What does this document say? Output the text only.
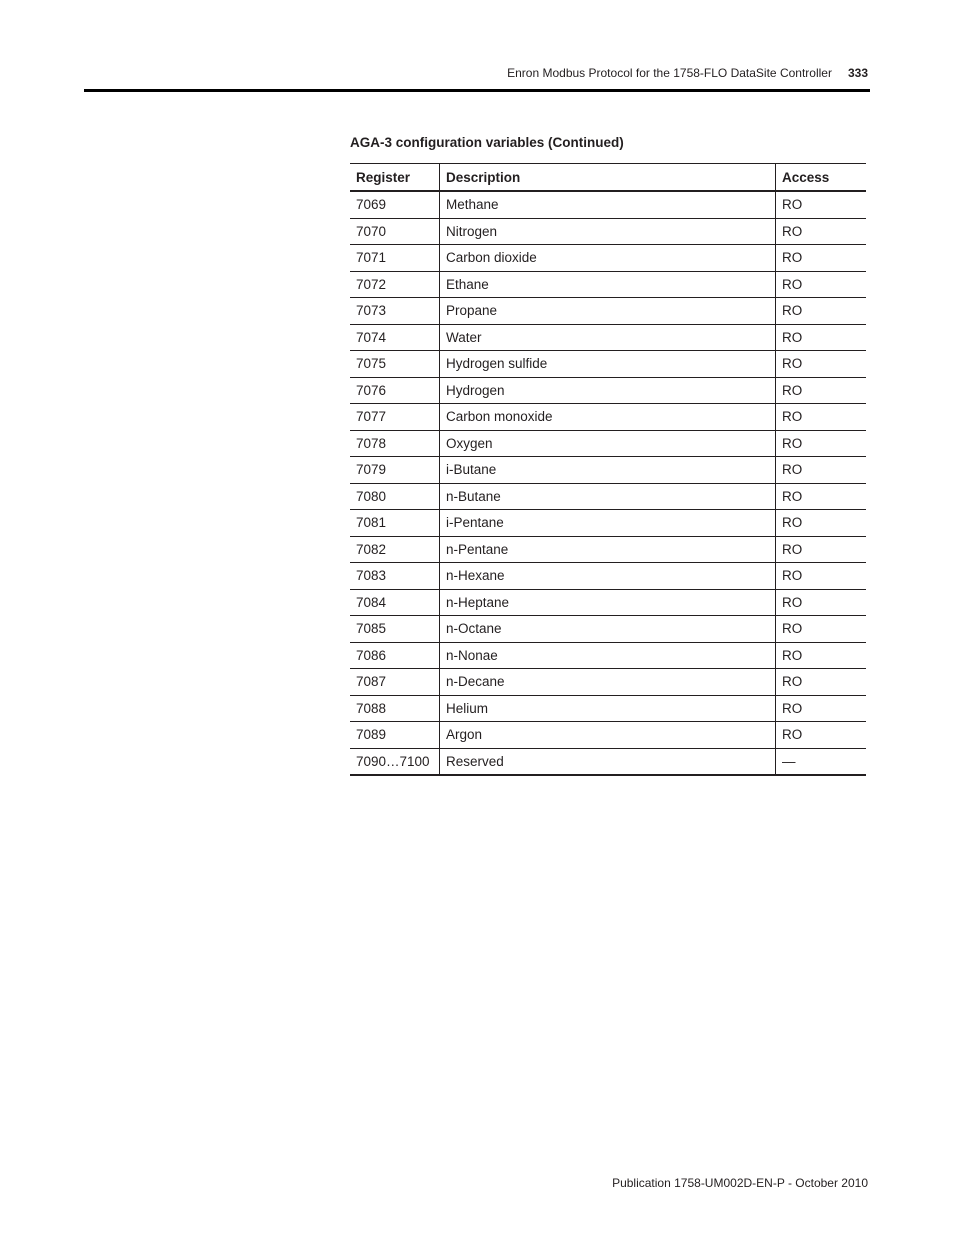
Enron Modbus Protocol for the 1758-FLO DataSite Controller 333
AGA-3 configuration variables (Continued)
Register	Description	Access
7069	Methane	RO
7070	Nitrogen	RO
7071	Carbon dioxide	RO
7072	Ethane	RO
7073	Propane	RO
7074	Water	RO
7075	Hydrogen sulfide	RO
7076	Hydrogen	RO
7077	Carbon monoxide	RO
7078	Oxygen	RO
7079	i-Butane	RO
7080	n-Butane	RO
7081	i-Pentane	RO
7082	n-Pentane	RO
7083	n-Hexane	RO
7084	n-Heptane	RO
7085	n-Octane	RO
7086	n-Nonae	RO
7087	n-Decane	RO
7088	Helium	RO
7089	Argon	RO
7090…7100	Reserved	—
Publication 1758-UM002D-EN-P - October 2010
